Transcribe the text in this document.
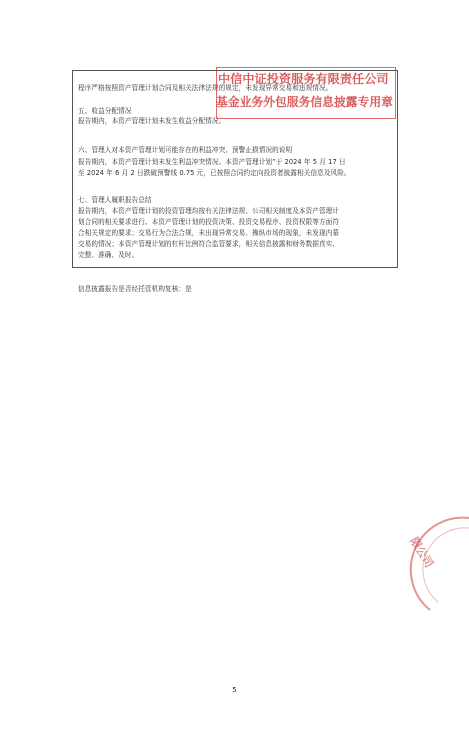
程序严格按照资产管理计划合同及相关法律法规的规定，未发现异常交易和违规情况。
五、收益分配情况
报告期内，本资产管理计划未发生收益分配情况。
六、管理人对本资产管理计划可能存在的利益冲突、预警止损情况的说明
报告期内，本资产管理计划未发生利益冲突情况。本资产管理计划”于 2024 年 5 月 17 日
至 2024 年 6 月 2 日跌破预警线 0.75 元，已按照合同约定向投资者披露相关信息及风险。
七、管理人履职报告总结
报告期内，本资产管理计划的投资管理均按有关法律法规、公司相关制度及本资产管理计
划合同的相关要求进行。本资产管理计划的投资决策、投资交易程序、投资权限等方面符
合相关规定的要求；交易行为合法合规，未出现异常交易、操纵市场的现象，未发现内幕
交易的情况；本资产管理计划的杠杆比例符合监管要求，相关信息披露和财务数据真实、
完整、准确、及时。
信息披露报告是否经托管机构复核：是
中信中证投资服务有限责任公司
基金业务外包服务信息披露专用章
限公司
5
